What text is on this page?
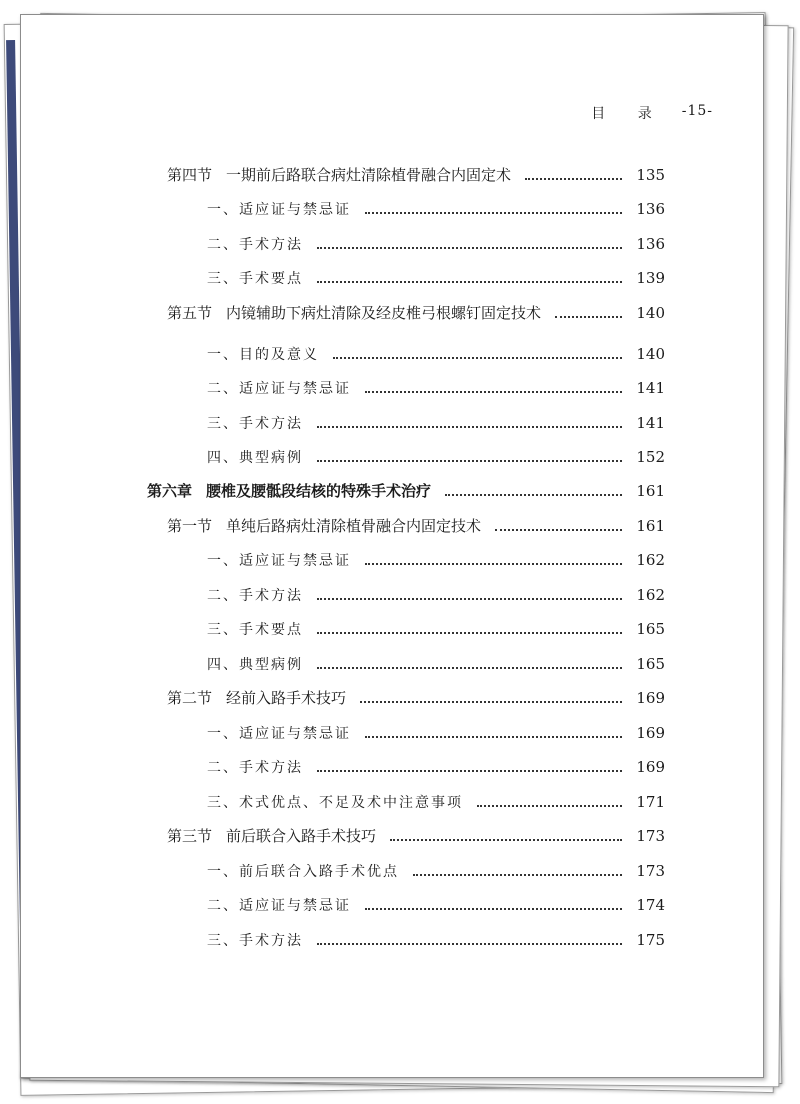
目 录 -15-
第四节 一期前后路联合病灶清除植骨融合内固定术	135
一、适应证与禁忌证	136
二、手术方法	136
三、手术要点	139
第五节 内镜辅助下病灶清除及经皮椎弓根螺钉固定技术	140
一、目的及意义	140
二、适应证与禁忌证	141
三、手术方法	141
四、典型病例	152
第六章 腰椎及腰骶段结核的特殊手术治疗	161
第一节 单纯后路病灶清除植骨融合内固定技术	161
一、适应证与禁忌证	162
二、手术方法	162
三、手术要点	165
四、典型病例	165
第二节 经前入路手术技巧	169
一、适应证与禁忌证	169
二、手术方法	169
三、术式优点、不足及术中注意事项	171
第三节 前后联合入路手术技巧	173
一、前后联合入路手术优点	173
二、适应证与禁忌证	174
三、手术方法	175
